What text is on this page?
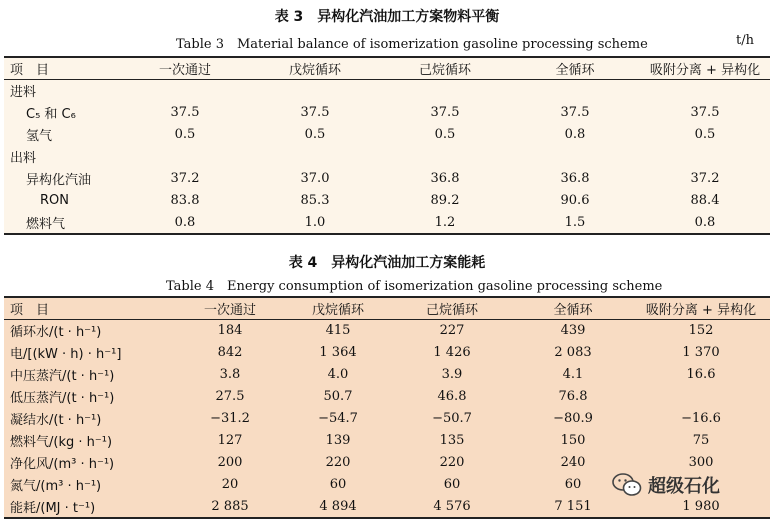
表 3　异构化汽油加工方案物料平衡
Table 3　Material balance of isomerization gasoline processing scheme	t/h
项　目	一次通过	戊烷循环	己烷循环	全循环	吸附分离 + 异构化
进料					
C₅ 和 C₆	37.5	37.5	37.5	37.5	37.5
氢气	0.5	0.5	0.5	0.8	0.5
出料					
异构化汽油	37.2	37.0	36.8	36.8	37.2
RON	83.8	85.3	89.2	90.6	88.4
燃料气	0.8	1.0	1.2	1.5	0.8
表 4　异构化汽油加工方案能耗
Table 4　Energy consumption of isomerization gasoline processing scheme
项　目	一次通过	戊烷循环	己烷循环	全循环	吸附分离 + 异构化
循环水/(t · h⁻¹)	184	415	227	439	152
电/[(kW · h) · h⁻¹]	842	1 364	1 426	2 083	1 370
中压蒸汽/(t · h⁻¹)	3.8	4.0	3.9	4.1	16.6
低压蒸汽/(t · h⁻¹)	27.5	50.7	46.8	76.8	
凝结水/(t · h⁻¹)	−31.2	−54.7	−50.7	−80.9	−16.6
燃料气/(kg · h⁻¹)	127	139	135	150	75
净化风/(m³ · h⁻¹)	200	220	220	240	300
氮气/(m³ · h⁻¹)	20	60	60	60	
能耗/(MJ · t⁻¹)	2 885	4 894	4 576	7 151	1 980
超级石化
